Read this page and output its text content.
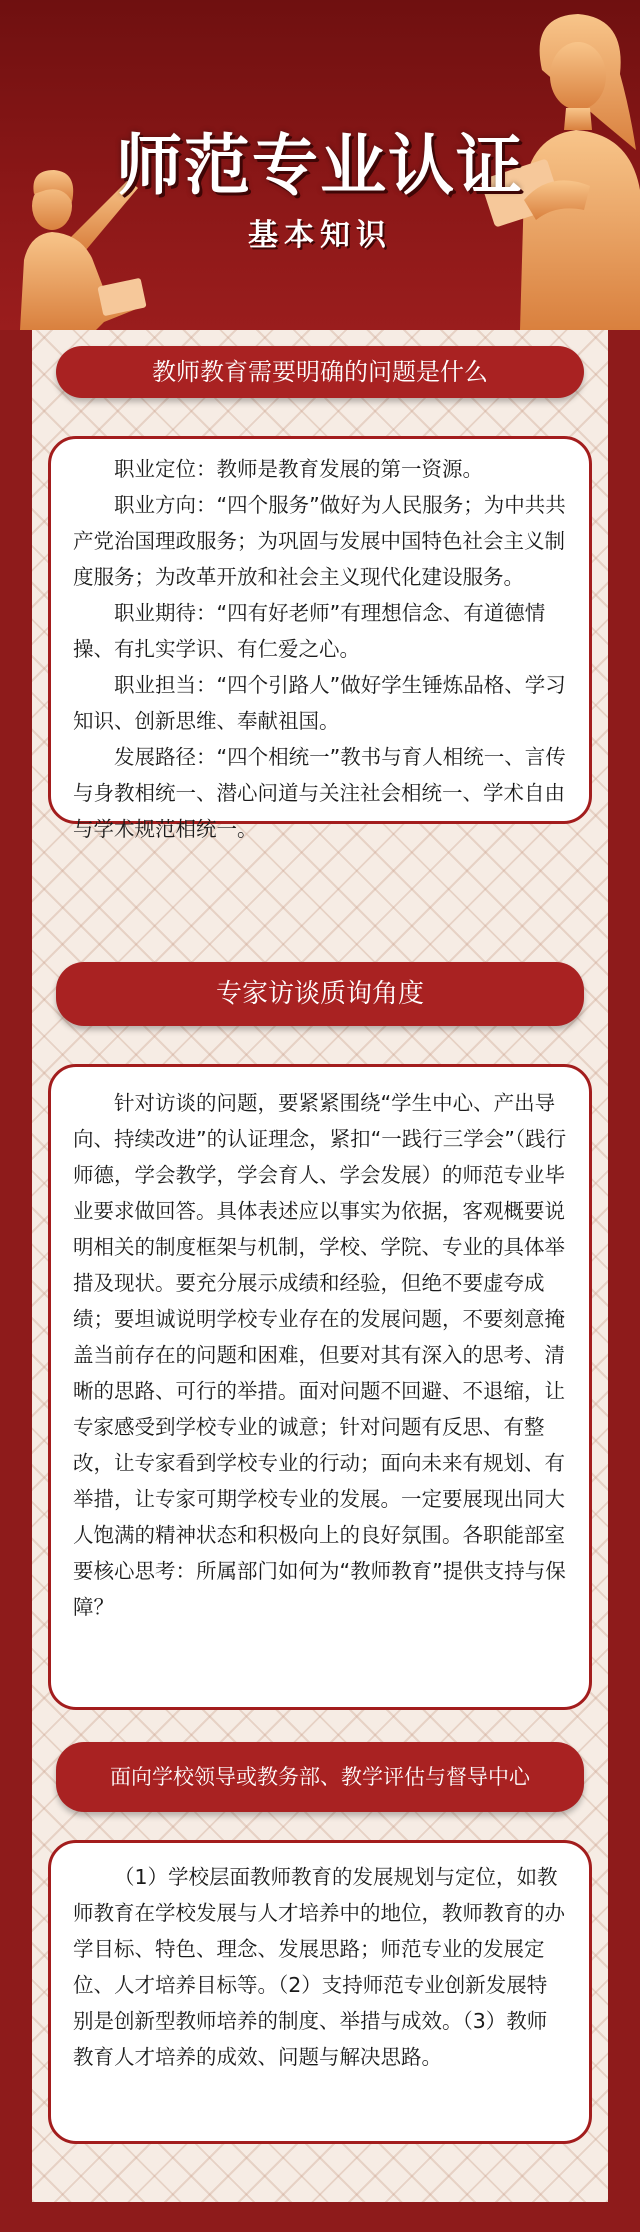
师范专业认证
基本知识
教师教育需要明确的问题是什么

职业定位：教师是教育发展的第一资源。

职业方向：“四个服务”做好为人民服务；为中共共产党治国理政服务；为巩固与发展中国特色社会主义制度服务；为改革开放和社会主义现代化建设服务。

职业期待：“四有好老师”有理想信念、有道德情操、有扎实学识、有仁爱之心。

职业担当：“四个引路人”做好学生锤炼品格、学习知识、创新思维、奉献祖国。

发展路径：“四个相统一”教书与育人相统一、言传与身教相统一、潜心问道与关注社会相统一、学术自由与学术规范相统一。

专家访谈质询角度

针对访谈的问题，要紧紧围绕“学生中心、产出导向、持续改进”的认证理念，紧扣“一践行三学会”（践行师德，学会教学，学会育人、学会发展）的师范专业毕业要求做回答。具体表述应以事实为依据，客观概要说明相关的制度框架与机制，学校、学院、专业的具体举措及现状。要充分展示成绩和经验，但绝不要虚夸成绩；要坦诚说明学校专业存在的发展问题，不要刻意掩盖当前存在的问题和困难，但要对其有深入的思考、清晰的思路、可行的举措。面对问题不回避、不退缩，让专家感受到学校专业的诚意；针对问题有反思、有整改，让专家看到学校专业的行动；面向未来有规划、有举措，让专家可期学校专业的发展。一定要展现出同大人饱满的精神状态和积极向上的良好氛围。各职能部室要核心思考：所属部门如何为“教师教育”提供支持与保障？

面向学校领导或教务部、教学评估与督导中心

（1）学校层面教师教育的发展规划与定位，如教师教育在学校发展与人才培养中的地位，教师教育的办学目标、特色、理念、发展思路；师范专业的发展定位、人才培养目标等。（2）支持师范专业创新发展特别是创新型教师培养的制度、举措与成效。（3）教师教育人才培养的成效、问题与解决思路。
